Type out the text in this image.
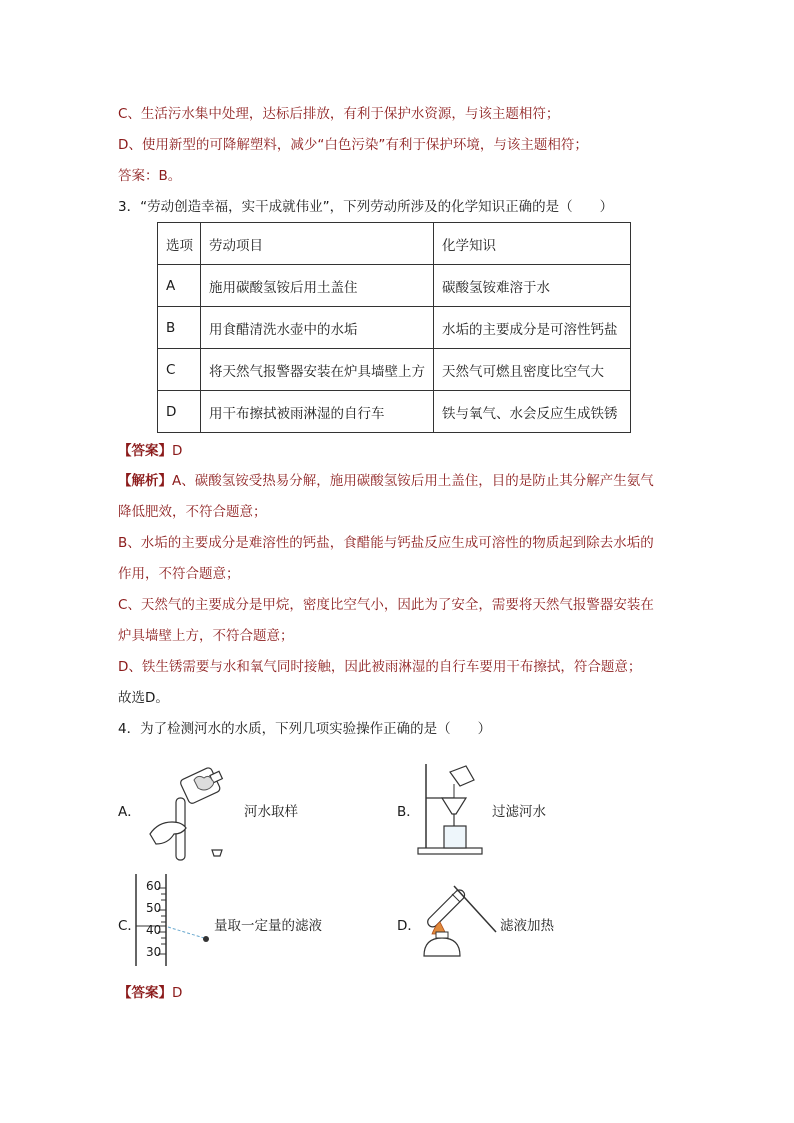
C、生活污水集中处理，达标后排放，有利于保护水资源，与该主题相符；
D、使用新型的可降解塑料，减少“白色污染”有利于保护环境，与该主题相符；
答案：B。
3．“劳动创造幸福，实干成就伟业”，下列劳动所涉及的化学知识正确的是（　　）
选项	劳动项目	化学知识
A	施用碳酸氢铵后用土盖住	碳酸氢铵难溶于水
B	用食醋清洗水壶中的水垢	水垢的主要成分是可溶性钙盐
C	将天然气报警器安装在炉具墙壁上方	天然气可燃且密度比空气大
D	用干布擦拭被雨淋湿的自行车	铁与氧气、水会反应生成铁锈
【答案】D
【解析】A、碳酸氢铵受热易分解，施用碳酸氢铵后用土盖住，目的是防止其分解产生氨气
降低肥效，不符合题意；
B、水垢的主要成分是难溶性的钙盐，食醋能与钙盐反应生成可溶性的物质起到除去水垢的
作用，不符合题意；
C、天然气的主要成分是甲烷，密度比空气小，因此为了安全，需要将天然气报警器安装在
炉具墙壁上方，不符合题意；
D、铁生锈需要与水和氧气同时接触，因此被雨淋湿的自行车要用干布擦拭，符合题意；
故选D。
4．为了检测河水的水质，下列几项实验操作正确的是（　　）
A．	河水取样	B．	过滤河水
C．
60
50
40
30
量取一定量的滤液	D．	滤液加热
【答案】D
